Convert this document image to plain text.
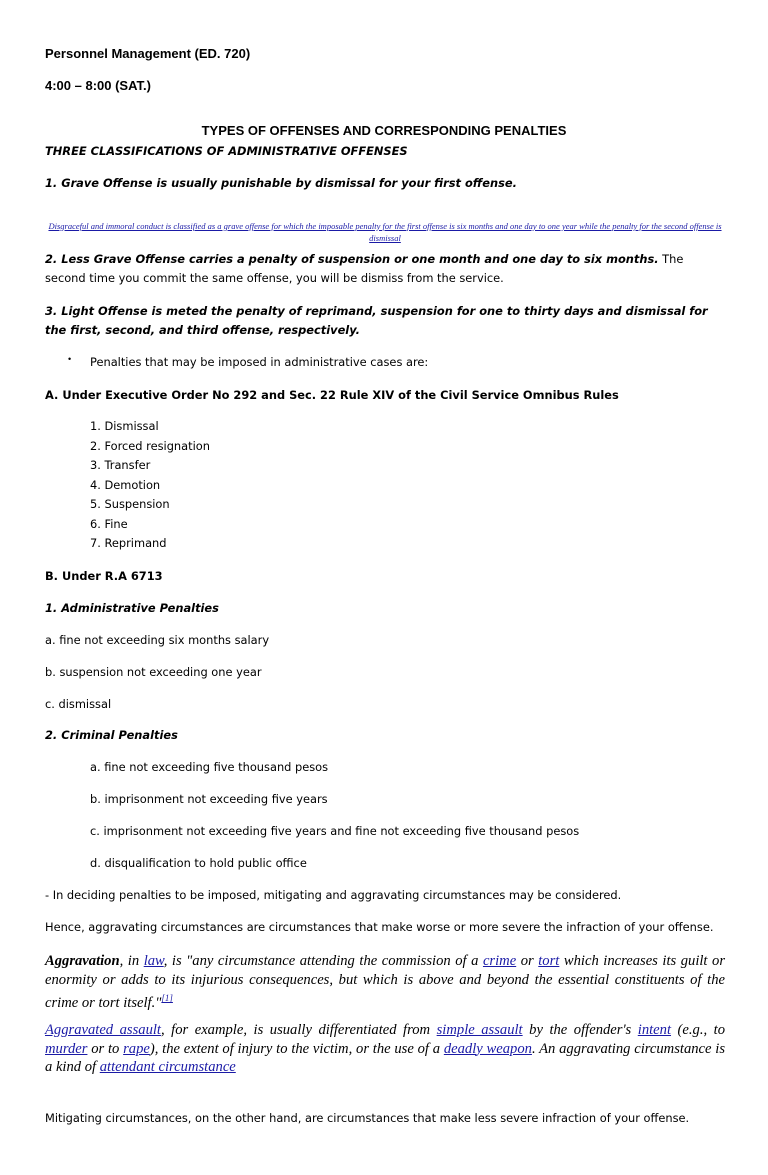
Personnel Management (ED. 720)

4:00 – 8:00 (SAT.)

TYPES OF OFFENSES AND CORRESPONDING PENALTIES

THREE CLASSIFICATIONS OF ADMINISTRATIVE OFFENSES

1. Grave Offense is usually punishable by dismissal for your first offense.

Disgraceful and immoral conduct is classified as a grave offense for which the imposable penalty for the first offense is six months and one day to one year while the penalty for the second offense is dismissal

2. Less Grave Offense carries a penalty of suspension or one month and one day to six months. The second time you commit the same offense, you will be dismiss from the service.

3. Light Offense is meted the penalty of reprimand, suspension for one to thirty days and dismissal for the first, second, and third offense, respectively.

• Penalties that may be imposed in administrative cases are:

A. Under Executive Order No 292 and Sec. 22 Rule XIV of the Civil Service Omnibus Rules

1. Dismissal
2. Forced resignation
3. Transfer
4. Demotion
5. Suspension
6. Fine
7. Reprimand

B. Under R.A 6713

1. Administrative Penalties

a. fine not exceeding six months salary

b. suspension not exceeding one year

c. dismissal

2. Criminal Penalties

a. fine not exceeding five thousand pesos

b. imprisonment not exceeding five years

c. imprisonment not exceeding five years and fine not exceeding five thousand pesos

d. disqualification to hold public office

- In deciding penalties to be imposed, mitigating and aggravating circumstances may be considered.

Hence, aggravating circumstances are circumstances that make worse or more severe the infraction of your offense.

Aggravation, in law, is "any circumstance attending the commission of a crime or tort which increases its guilt or enormity or adds to its injurious consequences, but which is above and beyond the essential constituents of the crime or tort itself."[1]

Aggravated assault, for example, is usually differentiated from simple assault by the offender's intent (e.g., to murder or to rape), the extent of injury to the victim, or the use of a deadly weapon. An aggravating circumstance is a kind of attendant circumstance

Mitigating circumstances, on the other hand, are circumstances that make less severe infraction of your offense.
